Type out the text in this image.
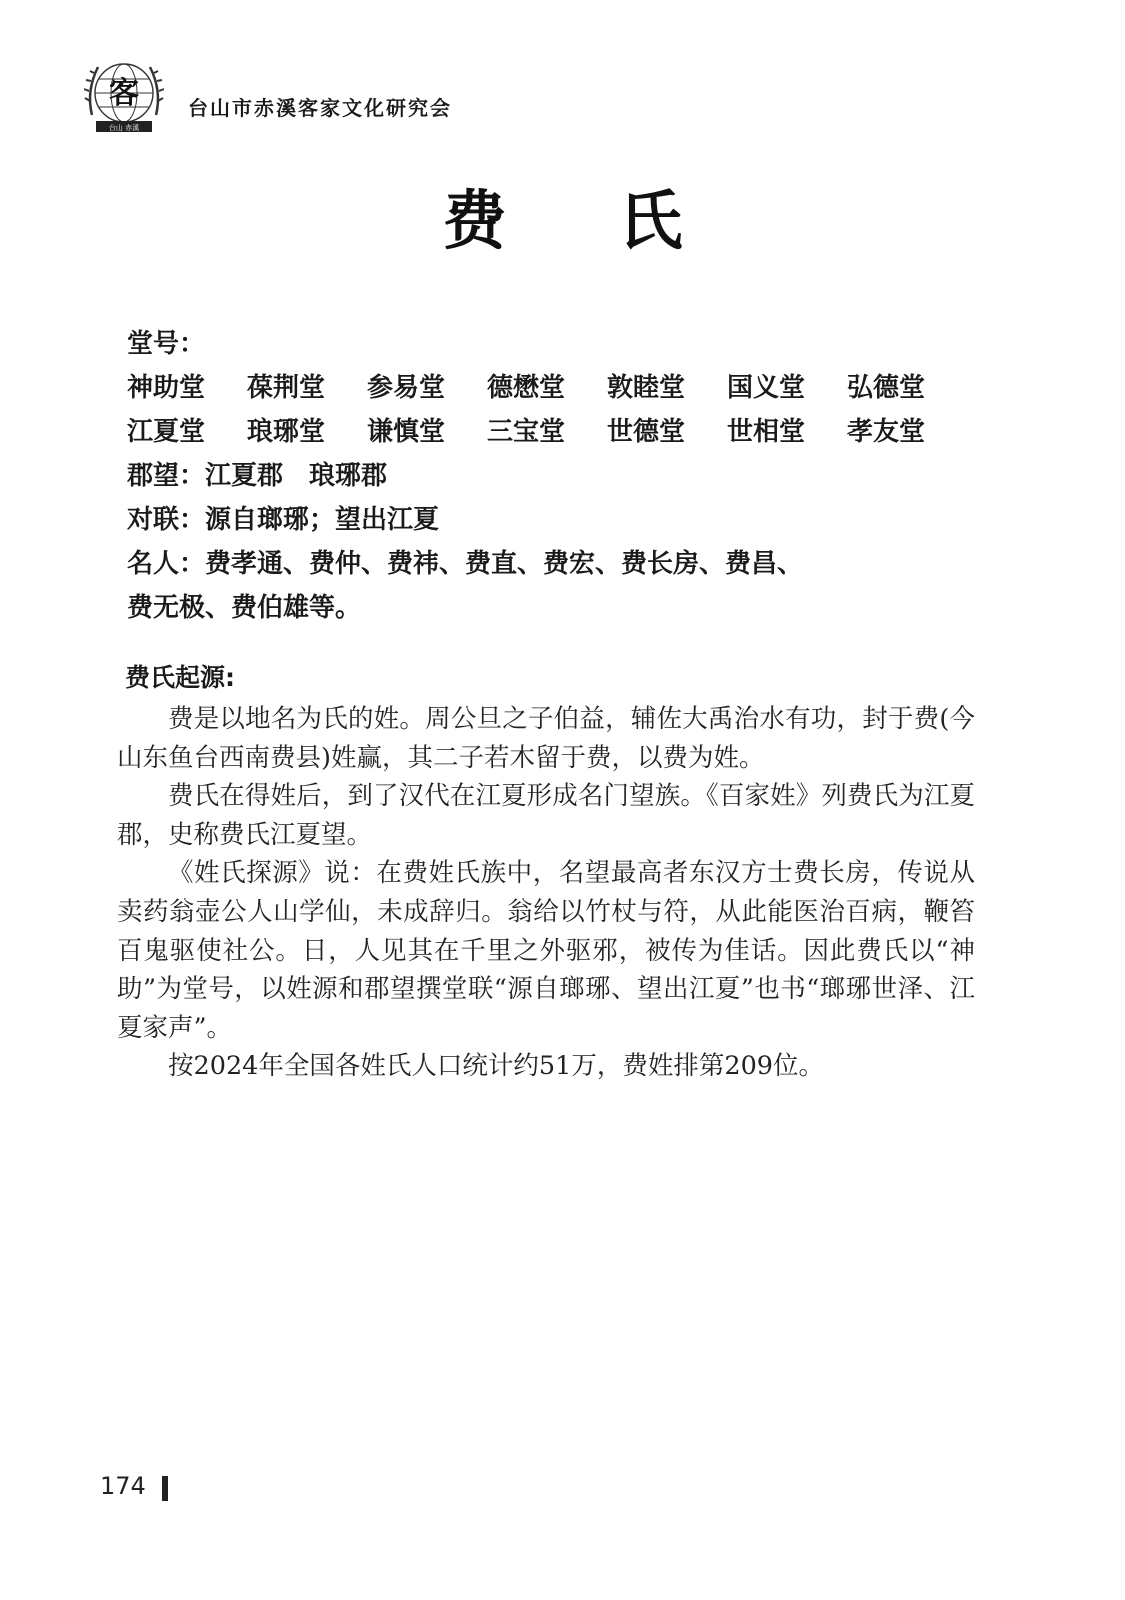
客
台山 赤溪
台山市赤溪客家文化研究会
费 氏
堂号：
神助堂	葆荆堂	参易堂	德懋堂	敦睦堂	国义堂	弘德堂
江夏堂	琅琊堂	谦慎堂	三宝堂	世德堂	世相堂	孝友堂
郡望：江夏郡　琅琊郡
对联：源自瑯琊；望出江夏
名人：费孝通、费仲、费祎、费直、费宏、费长房、费昌、
费无极、费伯雄等。
费氏起源:

费是以地名为氏的姓。周公旦之子伯益，辅佐大禹治水有功，封于费(今山东鱼台西南费县)姓赢，其二子若木留于费，以费为姓。

费氏在得姓后，到了汉代在江夏形成名门望族。《百家姓》列费氏为江夏郡，史称费氏江夏望。

《姓氏探源》说：在费姓氏族中，名望最高者东汉方士费长房，传说从卖药翁壶公人山学仙，未成辞归。翁给以竹杖与符，从此能医治百病，鞭笞百鬼驱使社公。日，人见其在千里之外驱邪，被传为佳话。因此费氏以“神助”为堂号，以姓源和郡望撰堂联“源自瑯琊、望出江夏”也书“瑯琊世泽、江夏家声”。

按2024年全国各姓氏人口统计约51万，费姓排第209位。

174
